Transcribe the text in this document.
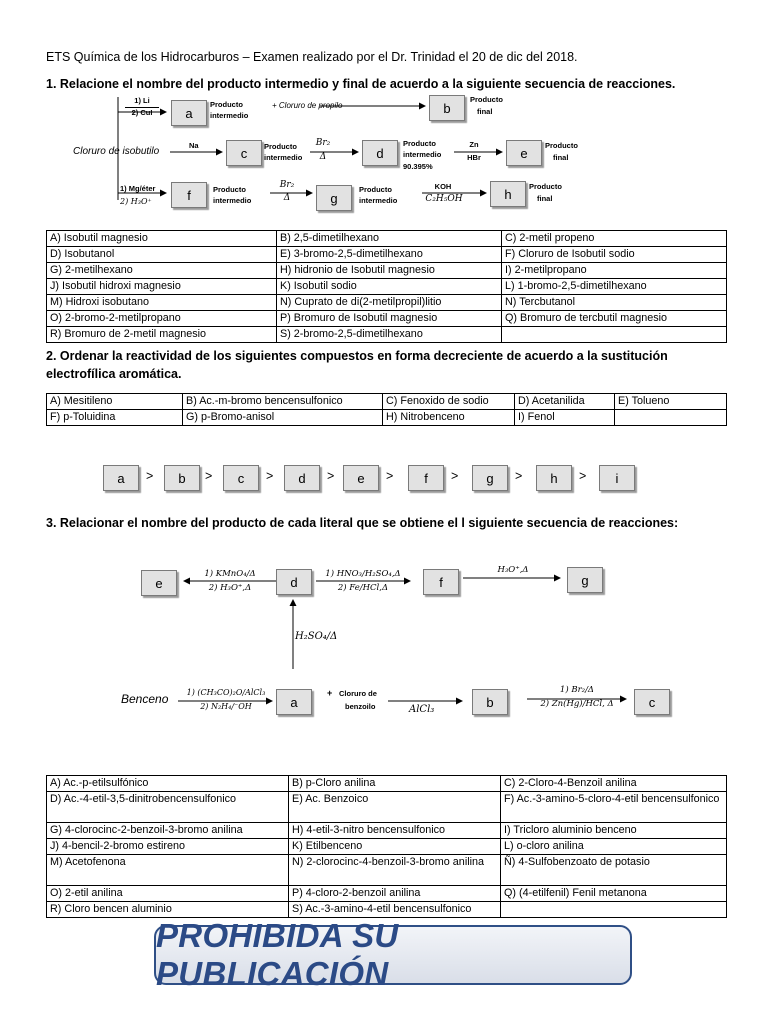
ETS Química de los Hidrocarburos – Examen realizado por el Dr. Trinidad el 20 de dic del 2018.
1. Relacione el nombre del producto intermedio y final de acuerdo a la siguiente secuencia de reacciones.
1) Li
2) CuI	a
Producto
intermedio
+ Cloruro de propilo	b
Producto
final
Cloruro de isobutilo
Na	c	Producto
intermedio
Br₂
Δ	d
Producto
intermedio
90.395%
Zn
HBr	e	Producto
final
1) Mg/éter
2) H₃O⁺	f	Producto
intermedio
Br₂
Δ	g
Producto
intermedio
KOH
C₂H₅OH	h	Producto
final
A) Isobutil magnesio	B) 2,5-dimetilhexano	C) 2-metil propeno
D) Isobutanol	E) 3-bromo-2,5-dimetilhexano	F) Cloruro de Isobutil sodio
G) 2-metilhexano	H) hidronio de Isobutil magnesio	I) 2-metilpropano
J) Isobutil hidroxi magnesio	K) Isobutil sodio	L) 1-bromo-2,5-dimetilhexano
M) Hidroxi isobutano	N) Cuprato de di(2-metilpropil)litio	N) Tercbutanol
O) 2-bromo-2-metilpropano	P) Bromuro de Isobutil magnesio	Q) Bromuro de tercbutil magnesio
R) Bromuro de 2-metil magnesio	S) 2-bromo-2,5-dimetilhexano	
2. Ordenar la reactividad de los siguientes compuestos en forma decreciente de acuerdo a la sustitución electrofílica aromática.
A) Mesitileno	B) Ac.-m-bromo bencensulfonico	C) Fenoxido de sodio	D) Acetanilida	E) Tolueno
F) p-Toluidina	G) p-Bromo-anisol	H) Nitrobenceno	I) Fenol	
a	>	b	>	c	>	d	>	e	>	f	>	g	>	h	>	i
3. Relacionar el nombre del producto de cada literal que se obtiene el l siguiente secuencia de reacciones:
e
1) KMnO₄/Δ
2) H₃O⁺,Δ	d
1) HNO₃/H₂SO₄,Δ
2) Fe/HCl,Δ	f
H₃O⁺,Δ
g
H₂SO₄/Δ
Benceno	1) (CH₃CO)₂O/AlCl₃
2) N₂H₄/⁻OH	a
+ Cloruro de
benzoilo	AlCl₃	b
1) Br₂/Δ
2) Zn(Hg)/HCl, Δ	c
A) Ac.-p-etilsulfónico	B) p-Cloro anilina	C) 2-Cloro-4-Benzoil anilina
D) Ac.-4-etil-3,5-dinitrobencensulfonico	E) Ac. Benzoico	F) Ac.-3-amino-5-cloro-4-etil bencensulfonico
G) 4-clorocinc-2-benzoil-3-bromo anilina	H) 4-etil-3-nitro bencensulfonico	I) Tricloro aluminio benceno
J) 4-bencil-2-bromo estireno	K) Etilbenceno	L) o-cloro anilina
M) Acetofenona	N) 2-clorocinc-4-benzoil-3-bromo anilina	Ñ) 4-Sulfobenzoato de potasio
O) 2-etil anilina	P) 4-cloro-2-benzoil anilina	Q) (4-etilfenil) Fenil metanona
R) Cloro bencen aluminio	S) Ac.-3-amino-4-etil bencensulfonico	
PROHIBIDA SU PUBLICACIÓN
